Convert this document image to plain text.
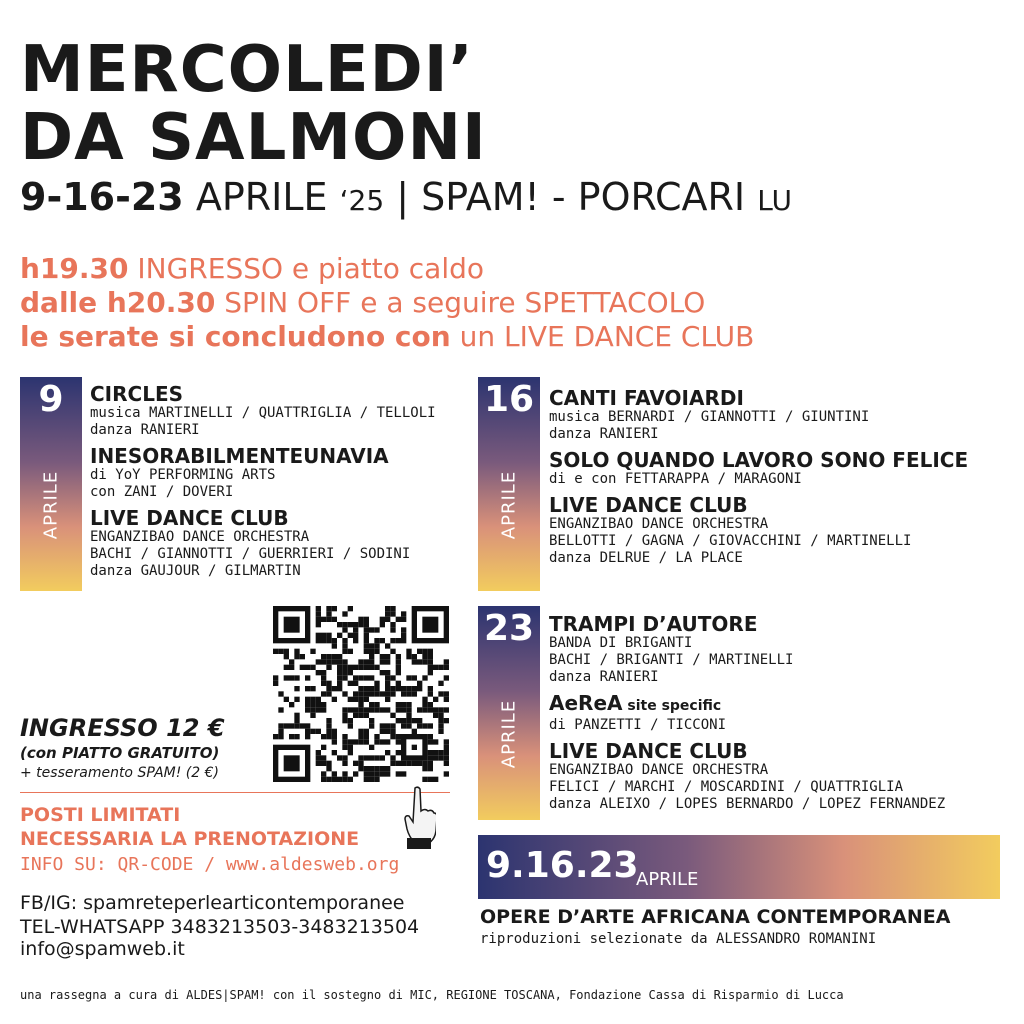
MERCOLEDI’
DA SALMONI
9-16-23 APRILE ‘25 | SPAM! - PORCARI LU
h19.30 INGRESSO e piatto caldo
dalle h20.30 SPIN OFF e a seguire SPETTACOLO
le serate si concludono con un LIVE DANCE CLUB
9
APRILE
CIRCLES

musica MARTINELLI / QUATTRIGLIA / TELLOLI

danza RANIERI

INESORABILMENTEUNAVIA

di YoY PERFORMING ARTS

con ZANI / DOVERI

LIVE DANCE CLUB

ENGANZIBAO DANCE ORCHESTRA

BACHI / GIANNOTTI / GUERRIERI / SODINI

danza GAUJOUR / GILMARTIN

16
APRILE
CANTI FAVOIARDI

musica BERNARDI / GIANNOTTI / GIUNTINI

danza RANIERI

SOLO QUANDO LAVORO SONO FELICE

di e con FETTARAPPA / MARAGONI

LIVE DANCE CLUB

ENGANZIBAO DANCE ORCHESTRA

BELLOTTI / GAGNA / GIOVACCHINI / MARTINELLI

danza DELRUE / LA PLACE

23
APRILE
TRAMPI D’AUTORE

BANDA DI BRIGANTI

BACHI / BRIGANTI / MARTINELLI

danza RANIERI

AeReA site specific

di PANZETTI / TICCONI

LIVE DANCE CLUB

ENGANZIBAO DANCE ORCHESTRA

FELICI / MARCHI / MOSCARDINI / QUATTRIGLIA

danza ALEIXO / LOPES BERNARDO / LOPEZ FERNANDEZ

INGRESSO 12 €
(con PIATTO GRATUITO)
+ tesseramento SPAM! (2 €)
POSTI LIMITATI
NECESSARIA LA PRENOTAZIONE
INFO SU: QR-CODE / www.aldesweb.org
FB/IG: spamreteperlearticontemporanee
TEL-WHATSAPP 3483213503-3483213504
info@spamweb.it
9.16.23
APRILE
OPERE D’ARTE AFRICANA CONTEMPORANEA
riproduzioni selezionate da ALESSANDRO ROMANINI
una rassegna a cura di ALDES|SPAM! con il sostegno di MIC, REGIONE TOSCANA, Fondazione Cassa di Risparmio di Lucca
